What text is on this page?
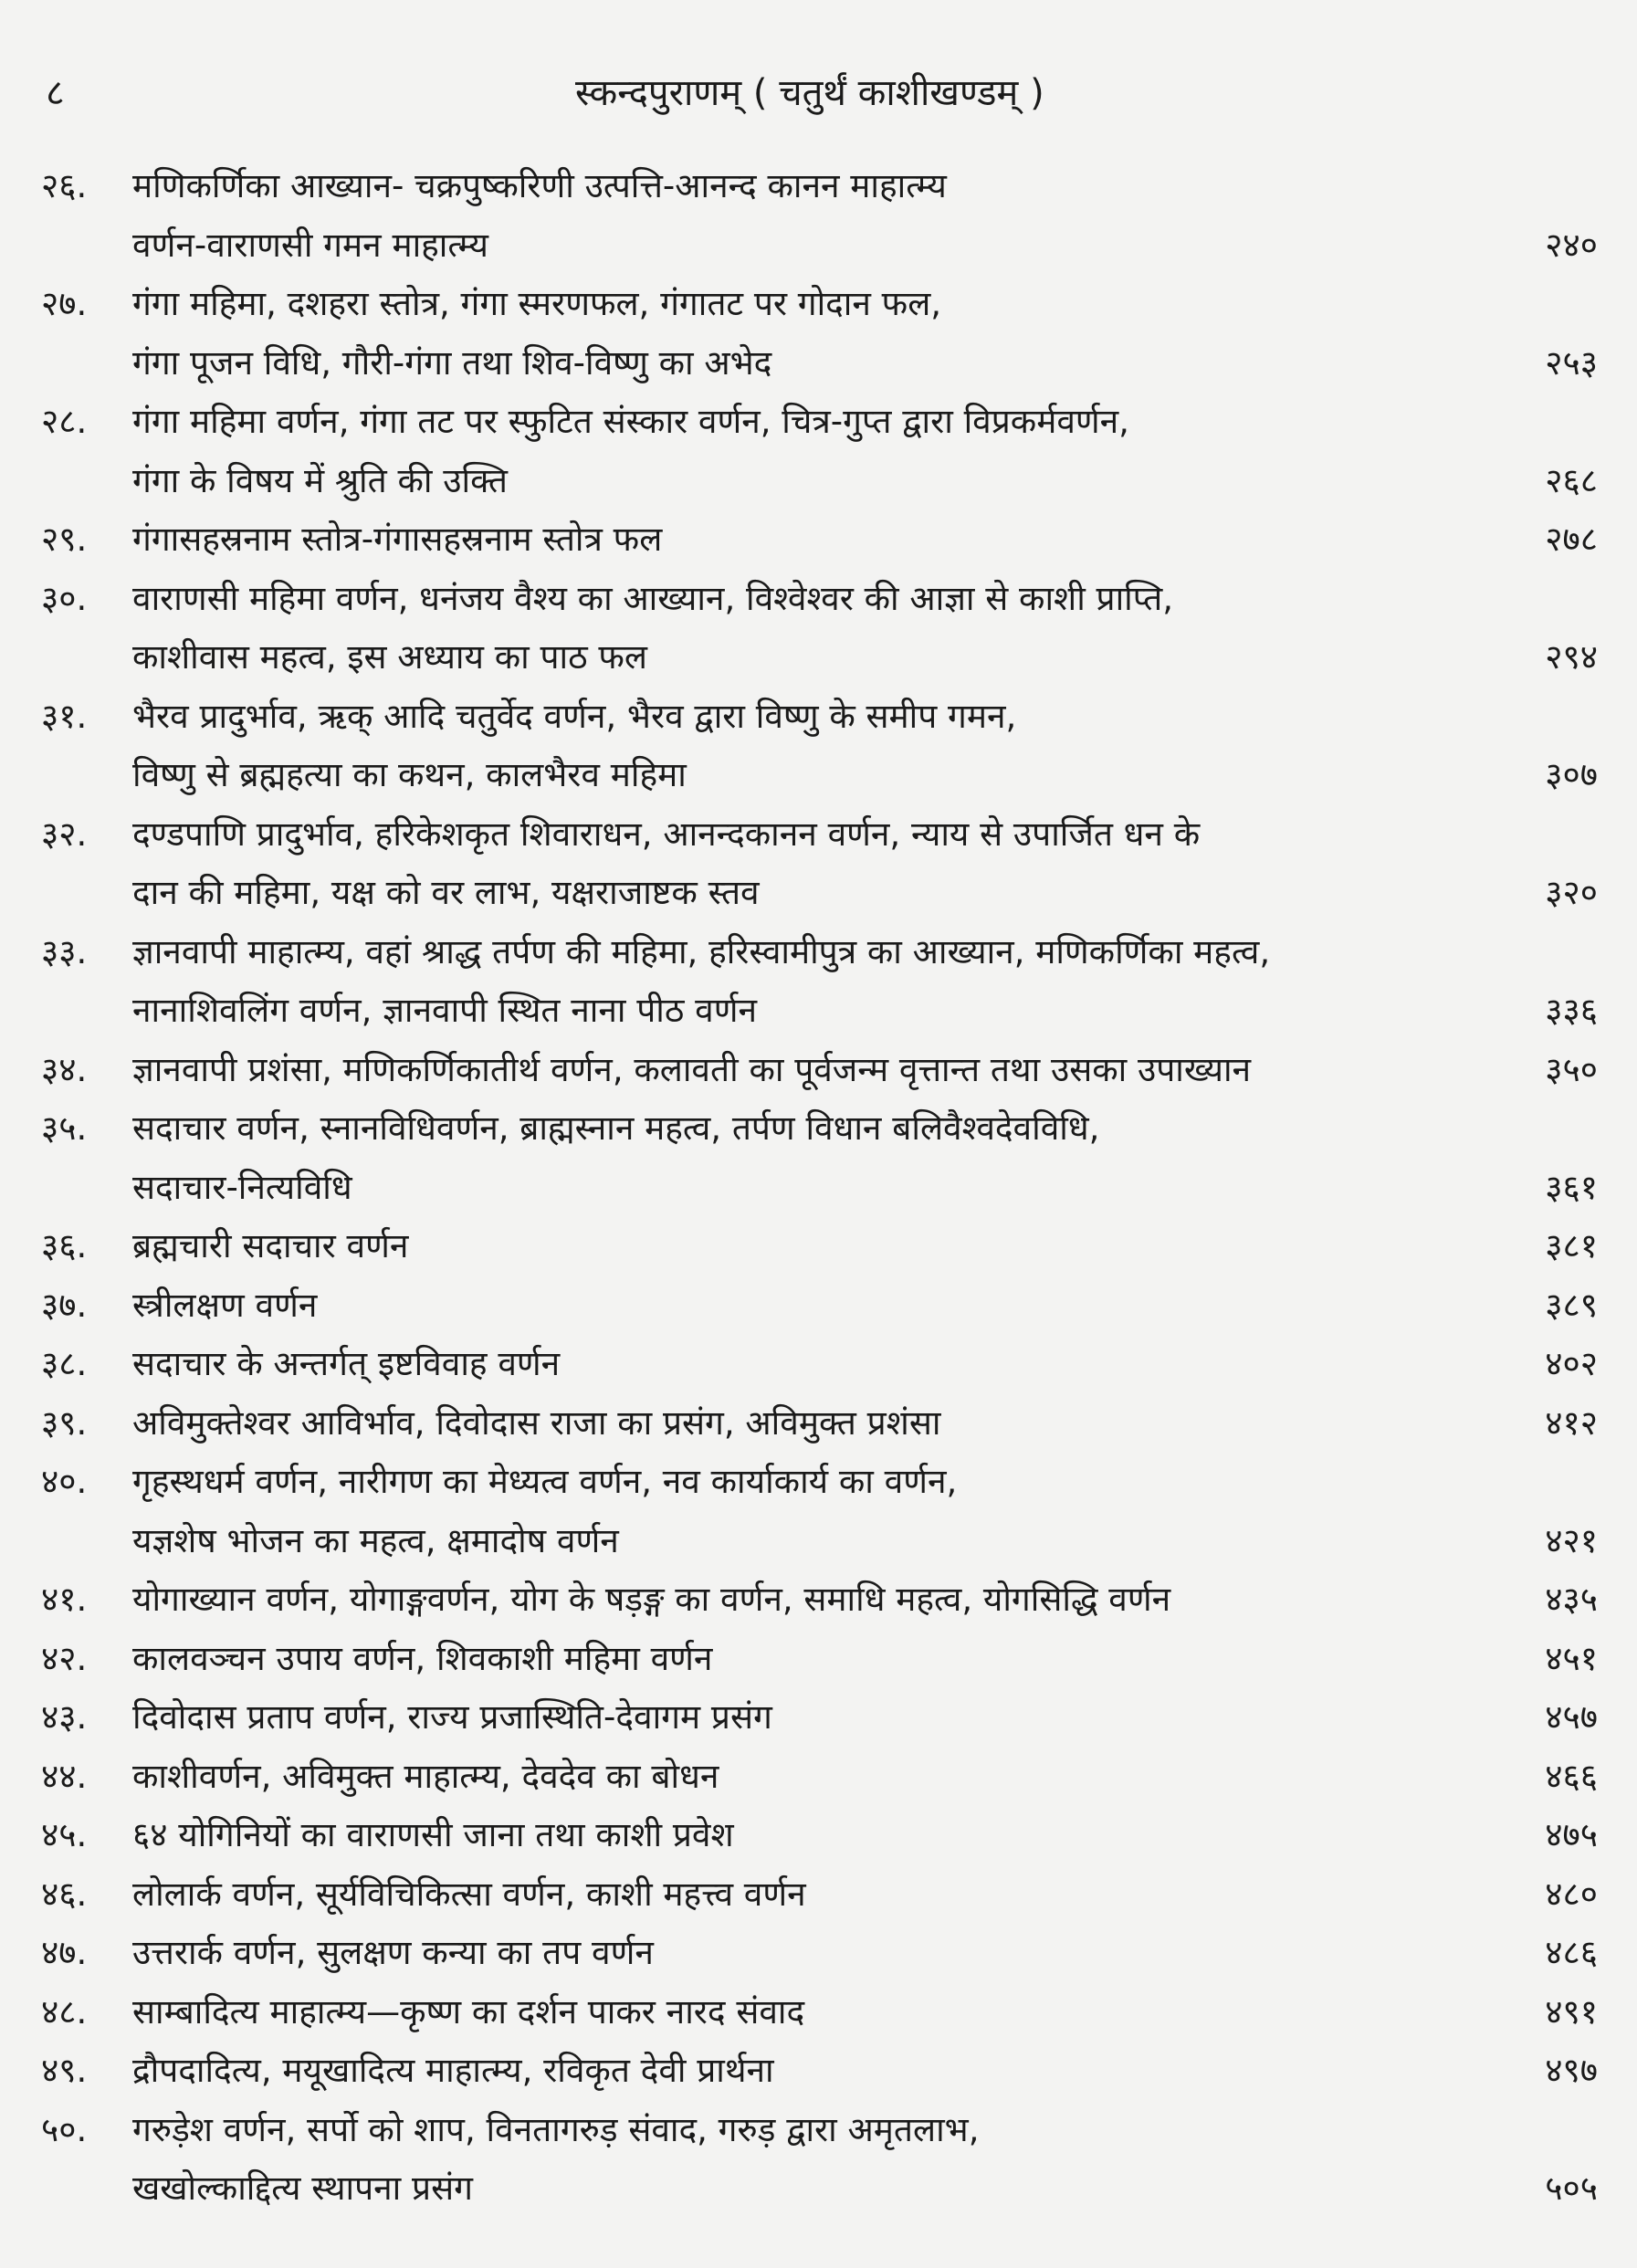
८	स्कन्दपुराणम् ( चतुर्थं काशीखण्डम् )
२६. मणिकर्णिका आख्यान- चक्रपुष्करिणी उत्पत्ति-आनन्द कानन माहात्म्य
वर्णन-वाराणसी गमन माहात्म्य	२४०
२७. गंगा महिमा, दशहरा स्तोत्र, गंगा स्मरणफल, गंगातट पर गोदान फल,
गंगा पूजन विधि, गौरी-गंगा तथा शिव-विष्णु का अभेद	२५३
२८. गंगा महिमा वर्णन, गंगा तट पर स्फुटित संस्कार वर्णन, चित्र-गुप्त द्वारा विप्रकर्मवर्णन,
गंगा के विषय में श्रुति की उक्ति	२६८
२९. गंगासहस्रनाम स्तोत्र-गंगासहस्रनाम स्तोत्र फल	२७८
३०. वाराणसी महिमा वर्णन, धनंजय वैश्य का आख्यान, विश्वेश्वर की आज्ञा से काशी प्राप्ति,
काशीवास महत्व, इस अध्याय का पाठ फल	२९४
३१. भैरव प्रादुर्भाव, ऋक् आदि चतुर्वेद वर्णन, भैरव द्वारा विष्णु के समीप गमन,
विष्णु से ब्रह्महत्या का कथन, कालभैरव महिमा	३०७
३२. दण्डपाणि प्रादुर्भाव, हरिकेशकृत शिवाराधन, आनन्दकानन वर्णन, न्याय से उपार्जित धन के
दान की महिमा, यक्ष को वर लाभ, यक्षराजाष्टक स्तव	३२०
३३. ज्ञानवापी माहात्म्य, वहां श्राद्ध तर्पण की महिमा, हरिस्वामीपुत्र का आख्यान, मणिकर्णिका महत्व,
नानाशिवलिंग वर्णन, ज्ञानवापी स्थित नाना पीठ वर्णन	३३६
३४. ज्ञानवापी प्रशंसा, मणिकर्णिकातीर्थ वर्णन, कलावती का पूर्वजन्म वृत्तान्त तथा उसका उपाख्यान	३५०
३५. सदाचार वर्णन, स्नानविधिवर्णन, ब्राह्मस्नान महत्व, तर्पण विधान बलिवैश्वदेवविधि,
सदाचार-नित्यविधि	३६१
३६. ब्रह्मचारी सदाचार वर्णन	३८१
३७. स्त्रीलक्षण वर्णन	३८९
३८. सदाचार के अन्तर्गत् इष्टविवाह वर्णन	४०२
३९. अविमुक्तेश्वर आविर्भाव, दिवोदास राजा का प्रसंग, अविमुक्त प्रशंसा	४१२
४०. गृहस्थधर्म वर्णन, नारीगण का मेध्यत्व वर्णन, नव कार्याकार्य का वर्णन,
यज्ञशेष भोजन का महत्व, क्षमादोष वर्णन	४२१
४१. योगाख्यान वर्णन, योगाङ्गवर्णन, योग के षड़ङ्ग का वर्णन, समाधि महत्व, योगसिद्धि वर्णन	४३५
४२. कालवञ्चन उपाय वर्णन, शिवकाशी महिमा वर्णन	४५१
४३. दिवोदास प्रताप वर्णन, राज्य प्रजास्थिति-देवागम प्रसंग	४५७
४४. काशीवर्णन, अविमुक्त माहात्म्य, देवदेव का बोधन	४६६
४५. ६४ योगिनियों का वाराणसी जाना तथा काशी प्रवेश	४७५
४६. लोलार्क वर्णन, सूर्यविचिकित्सा वर्णन, काशी महत्त्व वर्णन	४८०
४७. उत्तरार्क वर्णन, सुलक्षण कन्या का तप वर्णन	४८६
४८. साम्बादित्य माहात्म्य—कृष्ण का दर्शन पाकर नारद संवाद	४९१
४९. द्रौपदादित्य, मयूखादित्य माहात्म्य, रविकृत देवी प्रार्थना	४९७
५०. गरुड़ेश वर्णन, सर्पो को शाप, विनतागरुड़ संवाद, गरुड़ द्वारा अमृतलाभ,
खखोल्काद्दित्य स्थापना प्रसंग	५०५
